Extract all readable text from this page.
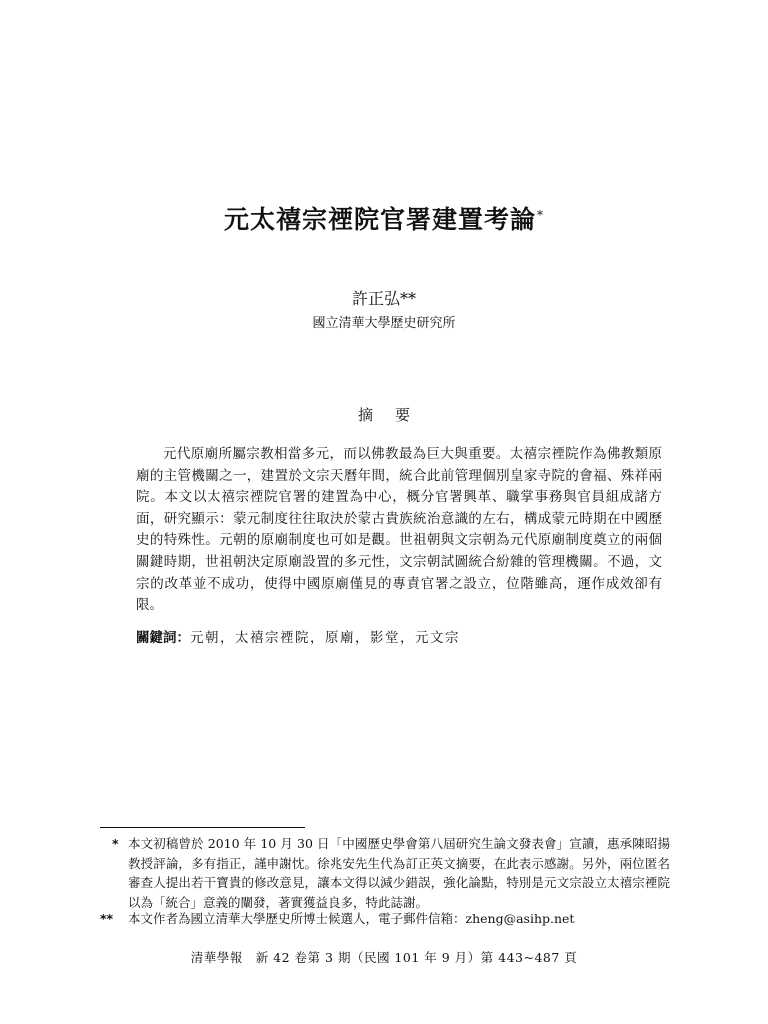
元太禧宗禋院官署建置考論*
許正弘**
國立清華大學歷史研究所
摘要

元代原廟所屬宗教相當多元，而以佛教最為巨大與重要。太禧宗禋院作為佛教類原廟的主管機關之一，建置於文宗天曆年間，統合此前管理個別皇家寺院的會福、殊祥兩院。本文以太禧宗禋院官署的建置為中心，概分官署興革、職掌事務與官員組成諸方面，研究顯示：蒙元制度往往取決於蒙古貴族統治意識的左右，構成蒙元時期在中國歷史的特殊性。元朝的原廟制度也可如是觀。世祖朝與文宗朝為元代原廟制度奠立的兩個關鍵時期，世祖朝決定原廟設置的多元性，文宗朝試圖統合紛雜的管理機關。不過，文宗的改革並不成功，使得中國原廟僅見的專責官署之設立，位階雖高，運作成效卻有限。

關鍵詞：元朝，太禧宗禋院，原廟，影堂，元文宗
* 本文初稿曾於 2010 年 10 月 30 日「中國歷史學會第八屆研究生論文發表會」宣讀，惠承陳昭揚教授評論，多有指正，謹申謝忱。徐兆安先生代為訂正英文摘要，在此表示感謝。另外，兩位匿名審查人提出若干寶貴的修改意見，讓本文得以減少錯誤，強化論點，特別是元文宗設立太禧宗禋院以為「統合」意義的闡發，著實獲益良多，特此誌謝。
**	本文作者為國立清華大學歷史所博士候選人，電子郵件信箱：zheng@asihp.net
清華學報　新 42 卷第 3 期（民國 101 年 9 月）第 443~487 頁
